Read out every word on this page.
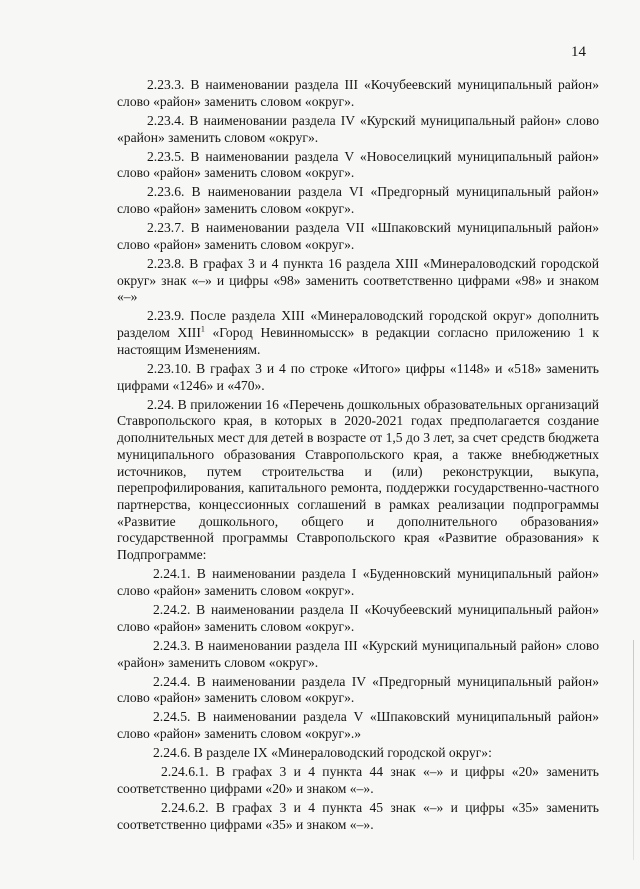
14

2.23.3. В наименовании раздела III «Кочубеевский муниципальный район» слово «район» заменить словом «округ».

2.23.4. В наименовании раздела IV «Курский муниципальный район» слово «район» заменить словом «округ».

2.23.5. В наименовании раздела V «Новоселицкий муниципальный район» слово «район» заменить словом «округ».

2.23.6. В наименовании раздела VI «Предгорный муниципальный район» слово «район» заменить словом «округ».

2.23.7. В наименовании раздела VII «Шпаковский муниципальный район» слово «район» заменить словом «округ».

2.23.8. В графах 3 и 4 пункта 16 раздела XIII «Минераловодский городской округ» знак «–» и цифры «98» заменить соответственно цифрами «98» и знаком «–»

2.23.9. После раздела XIII «Минераловодский городской округ» дополнить разделом XIII$^1$ «Город Невинномысск» в редакции согласно приложению 1 к настоящим Изменениям.

2.23.10. В графах 3 и 4 по строке «Итого» цифры «1148» и «518» заменить цифрами «1246» и «470».

2.24. В приложении 16 «Перечень дошкольных образовательных организаций Ставропольского края, в которых в 2020-2021 годах предполагается создание дополнительных мест для детей в возрасте от 1,5 до 3 лет, за счет средств бюджета муниципального образования Ставропольского края, а также внебюджетных источников, путем строительства и (или) реконструкции, выкупа, перепрофилирования, капитального ремонта, поддержки государственно-частного партнерства, концессионных соглашений в рамках реализации подпрограммы «Развитие дошкольного, общего и дополнительного образования» государственной программы Ставропольского края «Развитие образования» к Подпрограмме:

2.24.1. В наименовании раздела I «Буденновский муниципальный район» слово «район» заменить словом «округ».

2.24.2. В наименовании раздела II «Кочубеевский муниципальный район» слово «район» заменить словом «округ».

2.24.3. В наименовании раздела III «Курский муниципальный район» слово «район» заменить словом «округ».

2.24.4. В наименовании раздела IV «Предгорный муниципальный район» слово «район» заменить словом «округ».

2.24.5. В наименовании раздела V «Шпаковский муниципальный район» слово «район» заменить словом «округ».»

2.24.6. В разделе IX «Минераловодский городской округ»:

2.24.6.1. В графах 3 и 4 пункта 44 знак «–» и цифры «20» заменить соответственно цифрами «20» и знаком «–».

2.24.6.2. В графах 3 и 4 пункта 45 знак «–» и цифры «35» заменить соответственно цифрами «35» и знаком «–».
